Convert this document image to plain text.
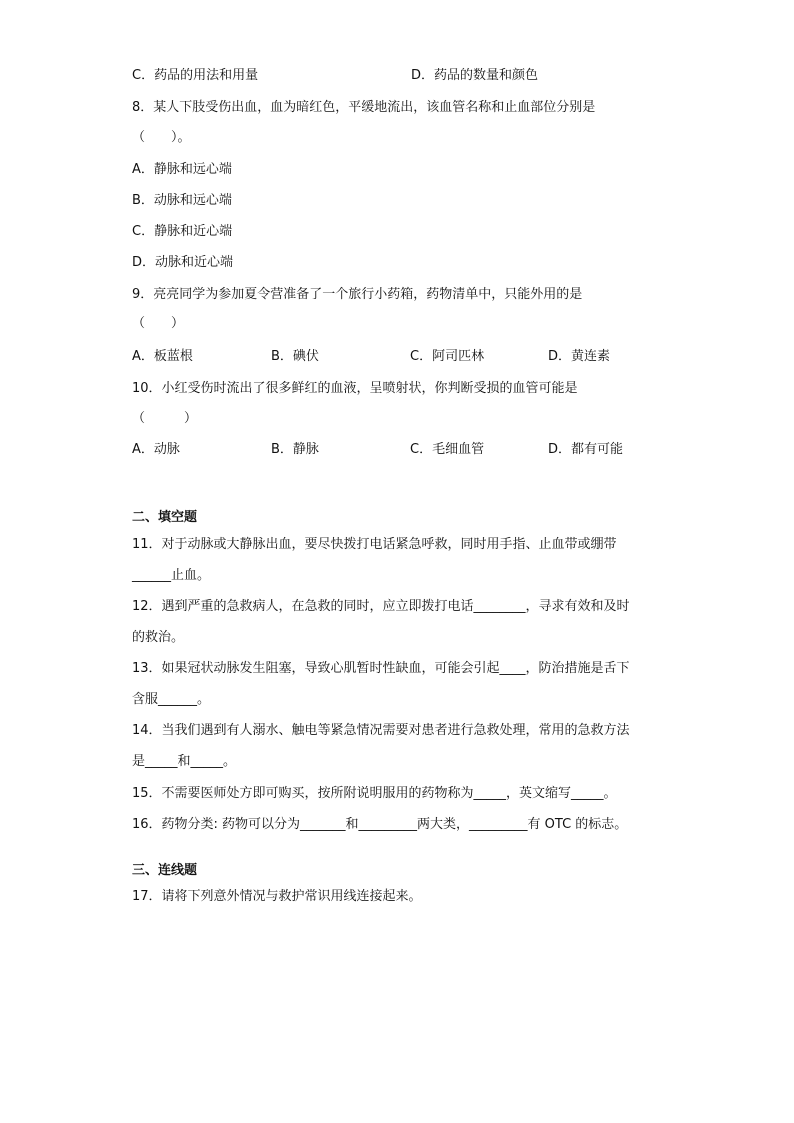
C．药品的用法和用量	D．药品的数量和颜色
8．某人下肢受伤出血，血为暗红色，平缓地流出，该血管名称和止血部位分别是
（　　）。
A．静脉和远心端
B．动脉和远心端
C．静脉和近心端
D．动脉和近心端
9．亮亮同学为参加夏令营准备了一个旅行小药箱，药物清单中，只能外用的是
（　　）
A．板蓝根	B．碘伏	C．阿司匹林	D．黄连素
10．小红受伤时流出了很多鲜红的血液，呈喷射状，你判断受损的血管可能是
（　　　）
A．动脉	B．静脉	C．毛细血管	D．都有可能
二、填空题
11．对于动脉或大静脉出血，要尽快拨打电话紧急呼救，同时用手指、止血带或绷带
______止血。
12．遇到严重的急救病人，在急救的同时，应立即拨打电话________，寻求有效和及时
的救治。
13．如果冠状动脉发生阻塞，导致心肌暂时性缺血，可能会引起____，防治措施是舌下
含服______。
14．当我们遇到有人溺水、触电等紧急情况需要对患者进行急救处理，常用的急救方法
是_____和_____。
15．不需要医师处方即可购买，按所附说明服用的药物称为_____，英文缩写_____。
16．药物分类: 药物可以分为_______和_________两大类，_________有 OTC 的标志。
三、连线题
17．请将下列意外情况与救护常识用线连接起来。
